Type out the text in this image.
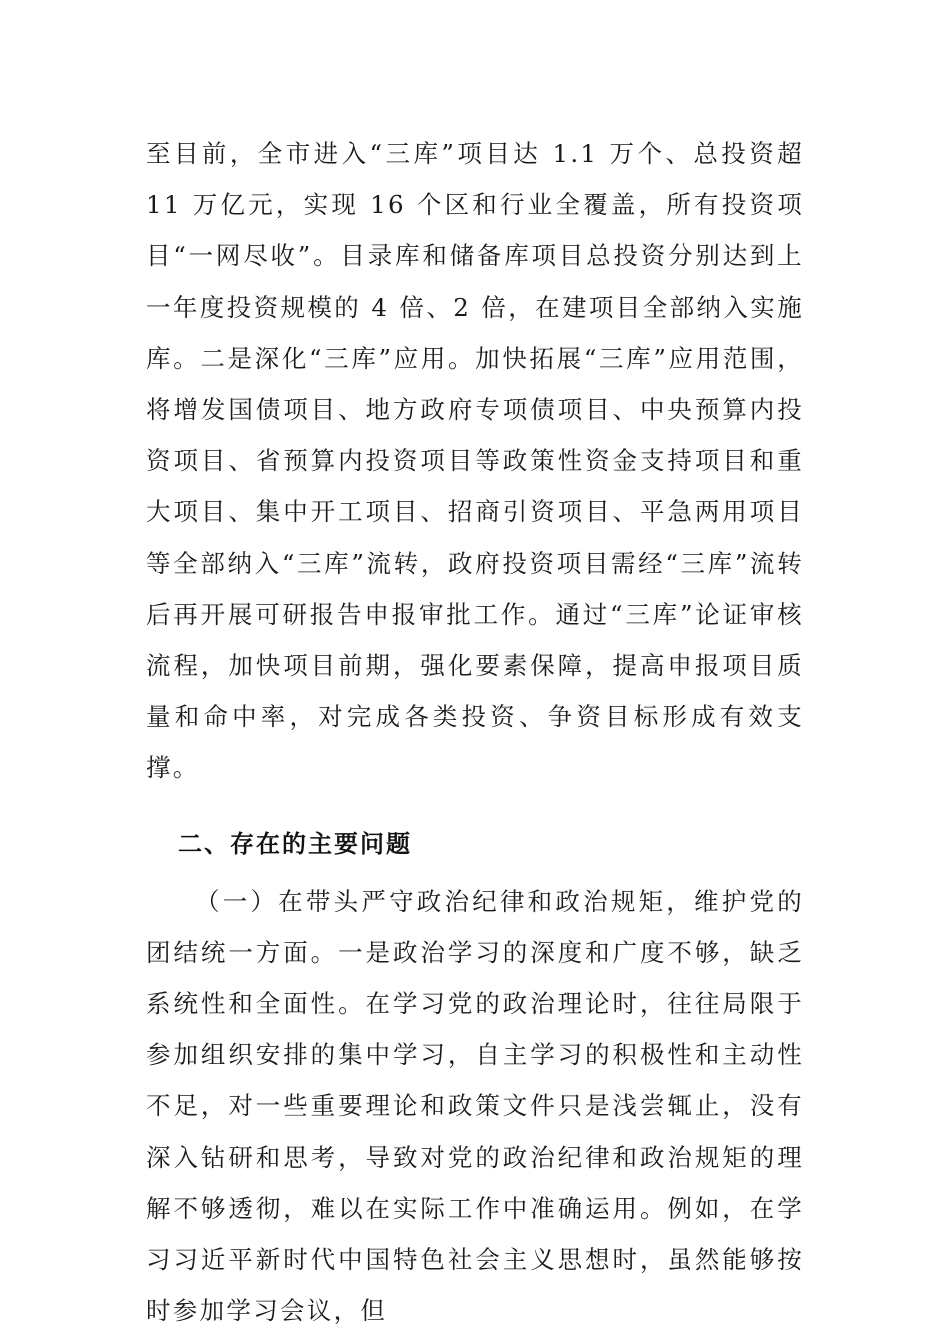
至目前，全市进入“三库”项目达 1.1 万个、总投资超 11 万亿元，实现 16 个区和行业全覆盖，所有投资项目“一网尽收”。目录库和储备库项目总投资分别达到上一年度投资规模的 4 倍、2 倍，在建项目全部纳入实施库。二是深化“三库”应用。加快拓展“三库”应用范围，将增发国债项目、地方政府专项债项目、中央预算内投资项目、省预算内投资项目等政策性资金支持项目和重大项目、集中开工项目、招商引资项目、平急两用项目等全部纳入“三库”流转，政府投资项目需经“三库”流转后再开展可研报告申报审批工作。通过“三库”论证审核流程，加快项目前期，强化要素保障，提高申报项目质量和命中率，对完成各类投资、争资目标形成有效支撑。

二、存在的主要问题

（一）在带头严守政治纪律和政治规矩，维护党的团结统一方面。一是政治学习的深度和广度不够，缺乏系统性和全面性。在学习党的政治理论时，往往局限于参加组织安排的集中学习，自主学习的积极性和主动性不足，对一些重要理论和政策文件只是浅尝辄止，没有深入钻研和思考，导致对党的政治纪律和政治规矩的理解不够透彻，难以在实际工作中准确运用。例如，在学习习近平新时代中国特色社会主义思想时，虽然能够按时参加学习会议，但
